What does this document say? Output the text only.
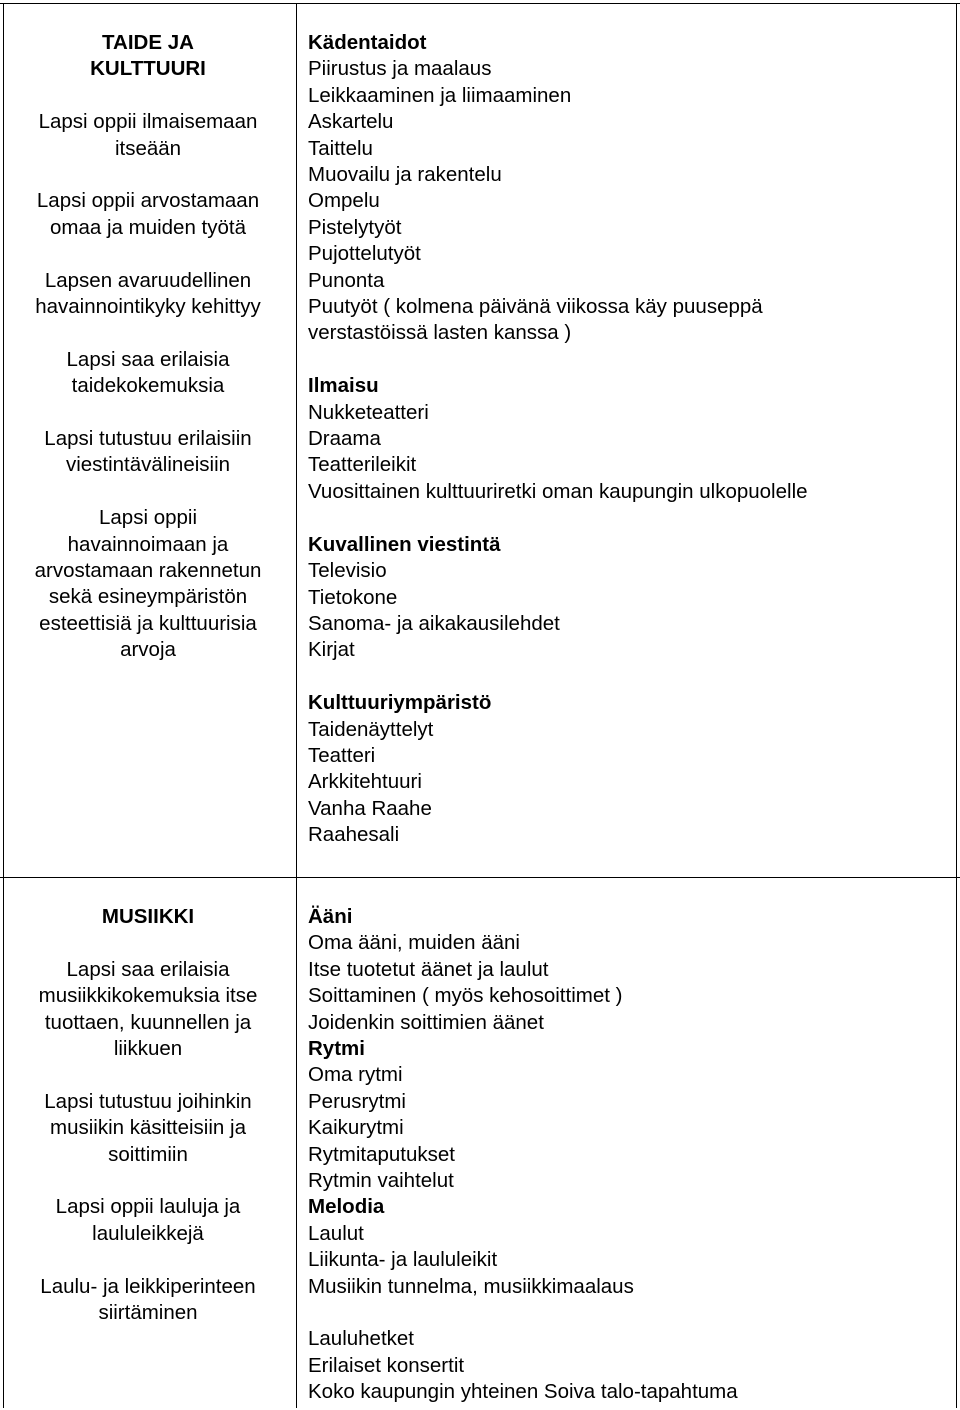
TAIDE JA
KULTTUURI
Lapsi oppii ilmaisemaan
itseään
Lapsi oppii arvostamaan
omaa ja muiden työtä
Lapsen avaruudellinen
havainnointikyky kehittyy
Lapsi saa erilaisia
taidekokemuksia
Lapsi tutustuu erilaisiin
viestintävälineisiin
Lapsi oppii
havainnoimaan ja
arvostamaan rakennetun
sekä esineympäristön
esteettisiä ja kulttuurisia
arvoja
Kädentaidot
Piirustus ja maalaus
Leikkaaminen ja liimaaminen
Askartelu
Taittelu
Muovailu ja rakentelu
Ompelu
Pistelytyöt
Pujottelutyöt
Punonta
Puutyöt ( kolmena päivänä viikossa käy puuseppä
verstastöissä lasten kanssa )
Ilmaisu
Nukketeatteri
Draama
Teatterileikit
Vuosittainen kulttuuriretki oman kaupungin ulkopuolelle
Kuvallinen viestintä
Televisio
Tietokone
Sanoma- ja aikakausilehdet
Kirjat
Kulttuuriympäristö
Taidenäyttelyt
Teatteri
Arkkitehtuuri
Vanha Raahe
Raahesali
MUSIIKKI
Lapsi saa erilaisia
musiikkikokemuksia itse
tuottaen, kuunnellen ja
liikkuen
Lapsi tutustuu joihinkin
musiikin käsitteisiin ja
soittimiin
Lapsi oppii lauluja ja
laululeikkejä
Laulu- ja leikkiperinteen
siirtäminen
Ääni
Oma ääni, muiden ääni
Itse tuotetut äänet ja laulut
Soittaminen ( myös kehosoittimet )
Joidenkin soittimien äänet
Rytmi
Oma rytmi
Perusrytmi
Kaikurytmi
Rytmitaputukset
Rytmin vaihtelut
Melodia
Laulut
Liikunta- ja laululeikit
Musiikin tunnelma, musiikkimaalaus
Lauluhetket
Erilaiset konsertit
Koko kaupungin yhteinen Soiva talo-tapahtuma
